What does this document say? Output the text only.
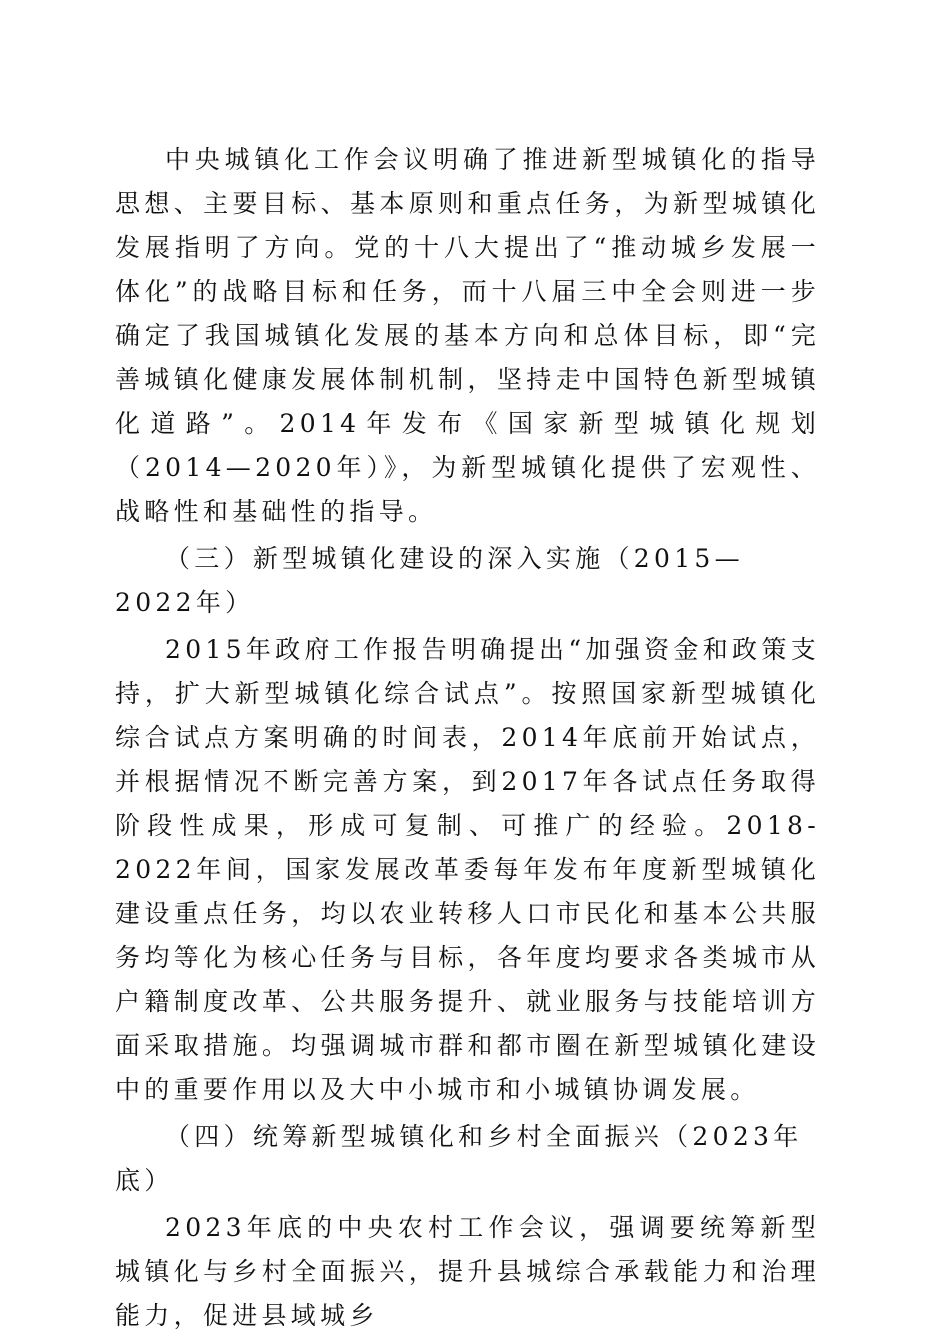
中央城镇化工作会议明确了推进新型城镇化的指导思想、主要目标、基本原则和重点任务，为新型城镇化发展指明了方向。党的十八大提出了“推动城乡发展一体化”的战略目标和任务，而十八届三中全会则进一步确定了我国城镇化发展的基本方向和总体目标，即“完善城镇化健康发展体制机制，坚持走中国特色新型城镇化道路”。2014年发布《国家新型城镇化规划（2014—2020年）》，为新型城镇化提供了宏观性、战略性和基础性的指导。

（三）新型城镇化建设的深入实施（2015—2022年）

2015年政府工作报告明确提出“加强资金和政策支持，扩大新型城镇化综合试点”。按照国家新型城镇化综合试点方案明确的时间表，2014年底前开始试点，并根据情况不断完善方案，到2017年各试点任务取得阶段性成果，形成可复制、可推广的经验。2018-2022年间，国家发展改革委每年发布年度新型城镇化建设重点任务，均以农业转移人口市民化和基本公共服务均等化为核心任务与目标，各年度均要求各类城市从户籍制度改革、公共服务提升、就业服务与技能培训方面采取措施。均强调城市群和都市圈在新型城镇化建设中的重要作用以及大中小城市和小城镇协调发展。

（四）统筹新型城镇化和乡村全面振兴（2023年底）

2023年底的中央农村工作会议，强调要统筹新型城镇化与乡村全面振兴，提升县城综合承载能力和治理能力，促进县域城乡
